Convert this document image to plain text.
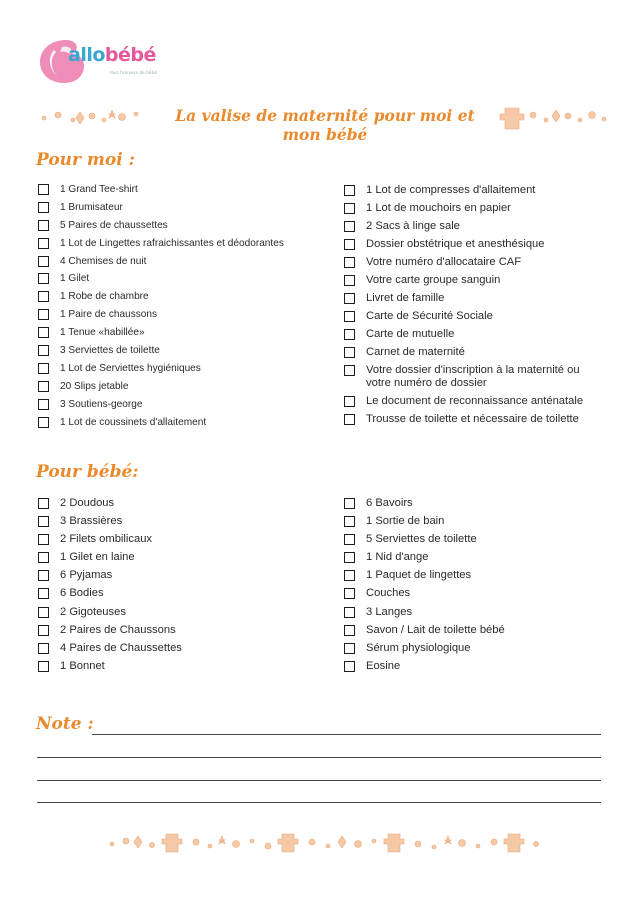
allobébé
tout l'univers de bébé
La valise de maternité pour moi et mon bébé
Pour moi :
1 Grand Tee-shirt
1 Brumisateur
5 Paires de chaussettes
1 Lot de Lingettes rafraichissantes et déodorantes
4 Chemises de nuit
1 Gilet
1 Robe de chambre
1 Paire de chaussons
1 Tenue «habillée»
3 Serviettes de toilette
1 Lot de Serviettes hygiéniques
20 Slips jetable
3 Soutiens-george
1 Lot de coussinets d'allaitement
1 Lot de compresses d'allaitement
1 Lot de mouchoirs en papier
2 Sacs à linge sale
Dossier obstétrique et anesthésique
Votre numéro d'allocataire CAF
Votre carte groupe sanguin
Livret de famille
Carte de Sécurité Sociale
Carte de mutuelle
Carnet de maternité
Votre dossier d'inscription à la maternité ou votre numéro de dossier
Le document de reconnaissance anténatale
Trousse de toilette et nécessaire de toilette
Pour bébé:
2 Doudous
3 Brassières
2 Filets ombilicaux
1 Gilet en laine
6 Pyjamas
6 Bodies
2 Gigoteuses
2 Paires de Chaussons
4 Paires de Chaussettes
1 Bonnet
6 Bavoirs
1 Sortie de bain
5 Serviettes de toilette
1 Nid d'ange
1 Paquet de lingettes
Couches
3 Langes
Savon / Lait de toilette bébé
Sérum physiologique
Eosine
Note :
